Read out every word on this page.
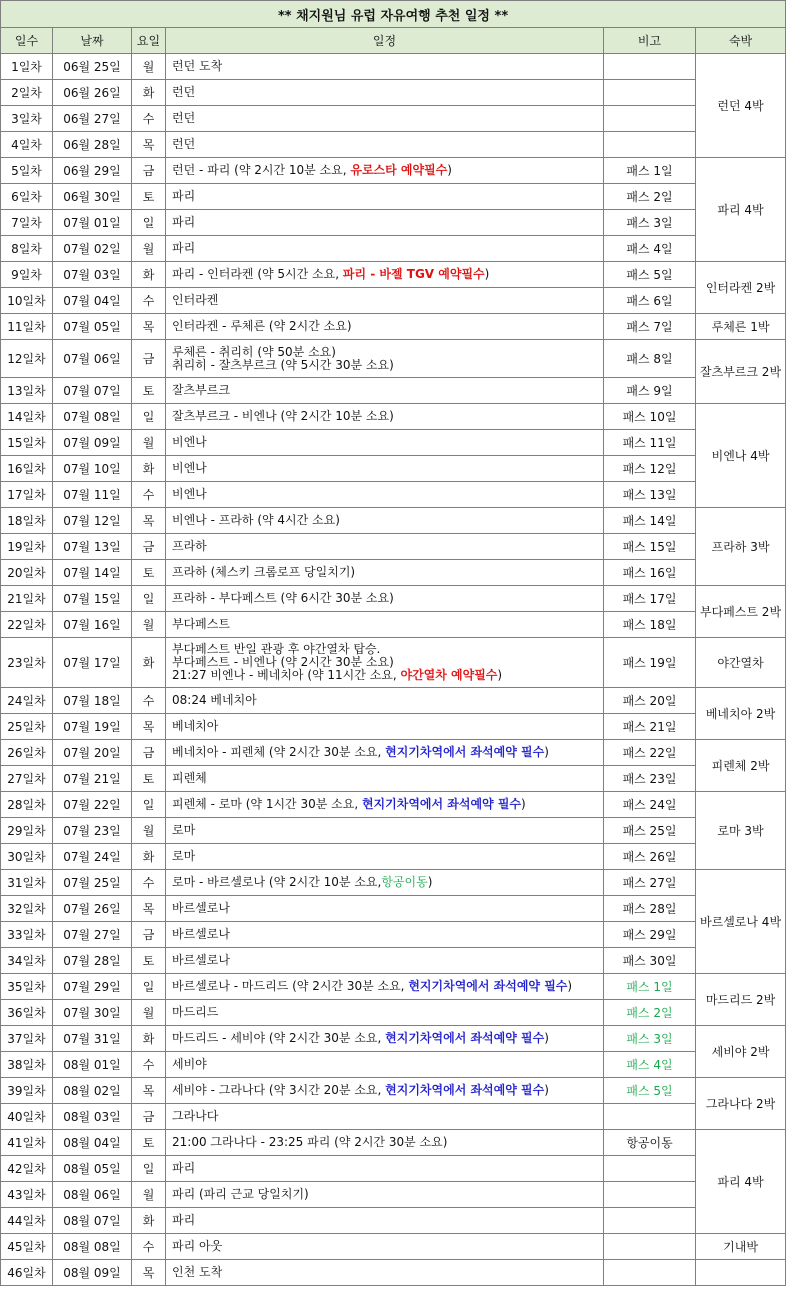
** 채지원님 유럽 자유여행 추천 일정 **					
일수	날짜	요일	일정	비고	숙박
1일차	06월 25일	월	런던 도착		런던 4박
2일차	06월 26일	화	런던		

3일차	06월 27일	수	런던		

4일차	06월 28일	목	런던		

5일차	06월 29일	금	런던 - 파리 (약 2시간 10분 소요, 유로스타 예약필수)	패스 1일	파리 4박
6일차	06월 30일	토	파리	패스 2일	
7일차	07월 01일	일	파리	패스 3일	
8일차	07월 02일	월	파리	패스 4일	
9일차	07월 03일	화	파리 - 인터라켄 (약 5시간 소요, 파리 - 바젤 TGV 예약필수)	패스 5일	인터라켄 2박
10일차	07월 04일	수	인터라켄	패스 6일	
11일차	07월 05일	목	인터라켄 - 루체른 (약 2시간 소요)	패스 7일	루체른 1박
12일차	07월 06일	금	루체른 - 취리히 (약 50분 소요)
취리히 - 잘츠부르크 (약 5시간 30분 소요)	패스 8일	잘츠부르크 2박
13일차	07월 07일	토	잘츠부르크	패스 9일	
14일차	07월 08일	일	잘츠부르크 - 비엔나 (약 2시간 10분 소요)	패스 10일	비엔나 4박
15일차	07월 09일	월	비엔나	패스 11일	
16일차	07월 10일	화	비엔나	패스 12일	
17일차	07월 11일	수	비엔나	패스 13일	
18일차	07월 12일	목	비엔나 - 프라하 (약 4시간 소요)	패스 14일	프라하 3박
19일차	07월 13일	금	프라하	패스 15일	
20일차	07월 14일	토	프라하 (체스키 크롬로프 당일치기)	패스 16일	
21일차	07월 15일	일	프라하 - 부다페스트 (약 6시간 30분 소요)	패스 17일	부다페스트 2박
22일차	07월 16일	월	부다페스트	패스 18일	
23일차	07월 17일	화	부다페스트 반일 관광 후 야간열차 탑승.
부다페스트 - 비엔나 (약 2시간 30분 소요)
21:27 비엔나 - 베네치아 (약 11시간 소요, 야간열차 예약필수)	패스 19일	야간열차
24일차	07월 18일	수	08:24 베네치아	패스 20일	베네치아 2박
25일차	07월 19일	목	베네치아	패스 21일	
26일차	07월 20일	금	베네치아 - 피렌체 (약 2시간 30분 소요, 현지기차역에서 좌석예약 필수)	패스 22일	피렌체 2박
27일차	07월 21일	토	피렌체	패스 23일	
28일차	07월 22일	일	피렌체 - 로마 (약 1시간 30분 소요, 현지기차역에서 좌석예약 필수)	패스 24일	로마 3박
29일차	07월 23일	월	로마	패스 25일	
30일차	07월 24일	화	로마	패스 26일	
31일차	07월 25일	수	로마 - 바르셀로나 (약 2시간 10분 소요,항공이동)	패스 27일	바르셀로나 4박
32일차	07월 26일	목	바르셀로나	패스 28일	
33일차	07월 27일	금	바르셀로나	패스 29일	
34일차	07월 28일	토	바르셀로나	패스 30일	
35일차	07월 29일	일	바르셀로나 - 마드리드 (약 2시간 30분 소요, 현지기차역에서 좌석예약 필수)	패스 1일	마드리드 2박
36일차	07월 30일	월	마드리드	패스 2일	
37일차	07월 31일	화	마드리드 - 세비야 (약 2시간 30분 소요, 현지기차역에서 좌석예약 필수)	패스 3일	세비야 2박
38일차	08월 01일	수	세비야	패스 4일	
39일차	08월 02일	목	세비야 - 그라나다 (약 3시간 20분 소요, 현지기차역에서 좌석예약 필수)	패스 5일	그라나다 2박
40일차	08월 03일	금	그라나다		

41일차	08월 04일	토	21:00 그라나다 - 23:25 파리 (약 2시간 30분 소요)	항공이동	파리 4박
42일차	08월 05일	일	파리		

43일차	08월 06일	월	파리 (파리 근교 당일치기)		

44일차	08월 07일	화	파리		

45일차	08월 08일	수	파리 아웃		기내박
46일차	08월 09일	목	인천 도착		
